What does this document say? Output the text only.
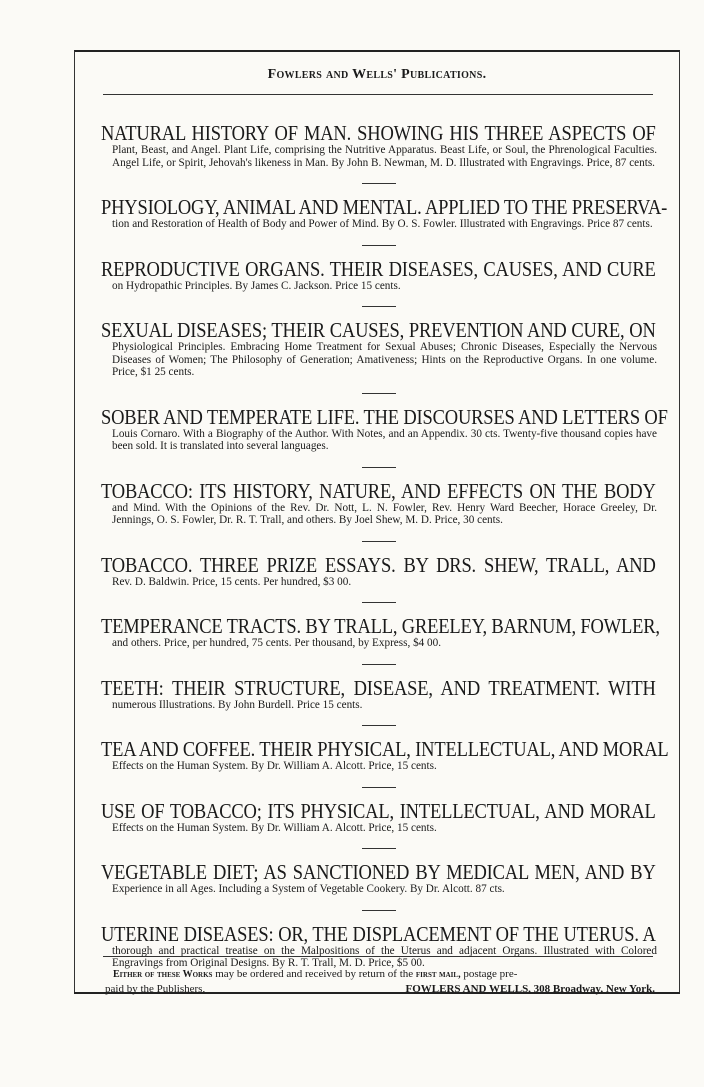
Fowlers and Wells' Publications.
NATURAL HISTORY OF MAN. SHOWING HIS THREE ASPECTS OF
Plant, Beast, and Angel. Plant Life, comprising the Nutritive Apparatus. Beast Life, or Soul, the Phrenological Faculties. Angel Life, or Spirit, Jehovah's likeness in Man. By John B. Newman, M. D. Illustrated with Engravings. Price, 87 cents.
PHYSIOLOGY, ANIMAL AND MENTAL. APPLIED TO THE PRESERVA-
tion and Restoration of Health of Body and Power of Mind. By O. S. Fowler. Illustrated with Engravings. Price 87 cents.
REPRODUCTIVE ORGANS. THEIR DISEASES, CAUSES, AND CURE
on Hydropathic Principles. By James C. Jackson. Price 15 cents.
SEXUAL DISEASES; THEIR CAUSES, PREVENTION AND CURE, ON
Physiological Principles. Embracing Home Treatment for Sexual Abuses; Chronic Diseases, Especially the Nervous Diseases of Women; The Philosophy of Generation; Amativeness; Hints on the Reproductive Organs. In one volume. Price, $1 25 cents.
SOBER AND TEMPERATE LIFE. THE DISCOURSES AND LETTERS OF
Louis Cornaro. With a Biography of the Author. With Notes, and an Appendix. 30 cts. Twenty-five thousand copies have been sold. It is translated into several languages.
TOBACCO: ITS HISTORY, NATURE, AND EFFECTS ON THE BODY
and Mind. With the Opinions of the Rev. Dr. Nott, L. N. Fowler, Rev. Henry Ward Beecher, Horace Greeley, Dr. Jennings, O. S. Fowler, Dr. R. T. Trall, and others. By Joel Shew, M. D. Price, 30 cents.
TOBACCO. THREE PRIZE ESSAYS. BY DRS. SHEW, TRALL, AND
Rev. D. Baldwin. Price, 15 cents. Per hundred, $3 00.
TEMPERANCE TRACTS. BY TRALL, GREELEY, BARNUM, FOWLER,
and others. Price, per hundred, 75 cents. Per thousand, by Express, $4 00.
TEETH: THEIR STRUCTURE, DISEASE, AND TREATMENT. WITH
numerous Illustrations. By John Burdell. Price 15 cents.
TEA AND COFFEE. THEIR PHYSICAL, INTELLECTUAL, AND MORAL
Effects on the Human System. By Dr. William A. Alcott. Price, 15 cents.
USE OF TOBACCO; ITS PHYSICAL, INTELLECTUAL, AND MORAL
Effects on the Human System. By Dr. William A. Alcott. Price, 15 cents.
VEGETABLE DIET; AS SANCTIONED BY MEDICAL MEN, AND BY
Experience in all Ages. Including a System of Vegetable Cookery. By Dr. Alcott. 87 cts.
UTERINE DISEASES: OR, THE DISPLACEMENT OF THE UTERUS. A
thorough and practical treatise on the Malpositions of the Uterus and adjacent Organs. Illustrated with Colored Engravings from Original Designs. By R. T. Trall, M. D. Price, $5 00.
Either of these Works may be ordered and received by return of the first mail, postage pre-
paid by the Publishers,	FOWLERS AND WELLS, 308 Broadway, New York.
